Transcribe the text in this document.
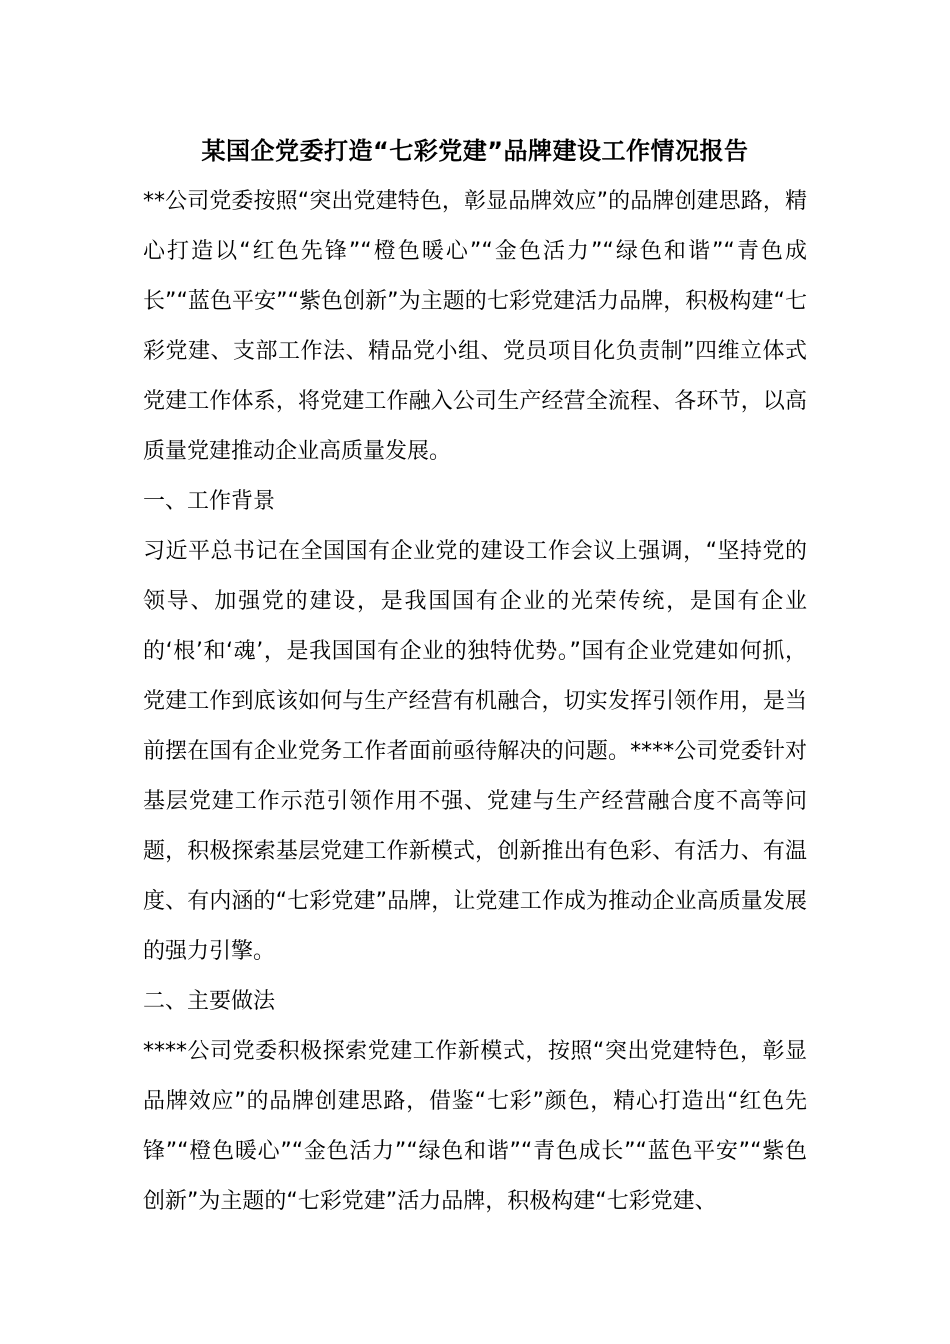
某国企党委打造“七彩党建”品牌建设工作情况报告

**公司党委按照“突出党建特色，彰显品牌效应”的品牌创建思路，精心打造以“红色先锋”“橙色暖心”“金色活力”“绿色和谐”“青色成长”“蓝色平安”“紫色创新”为主题的七彩党建活力品牌，积极构建“七彩党建、支部工作法、精品党小组、党员项目化负责制”四维立体式党建工作体系，将党建工作融入公司生产经营全流程、各环节，以高质量党建推动企业高质量发展。

一、工作背景

习近平总书记在全国国有企业党的建设工作会议上强调，“坚持党的领导、加强党的建设，是我国国有企业的光荣传统，是国有企业的‘根’和‘魂’，是我国国有企业的独特优势。”国有企业党建如何抓，党建工作到底该如何与生产经营有机融合，切实发挥引领作用，是当前摆在国有企业党务工作者面前亟待解决的问题。****公司党委针对基层党建工作示范引领作用不强、党建与生产经营融合度不高等问题，积极探索基层党建工作新模式，创新推出有色彩、有活力、有温度、有内涵的“七彩党建”品牌，让党建工作成为推动企业高质量发展的强力引擎。

二、主要做法

****公司党委积极探索党建工作新模式，按照“突出党建特色，彰显品牌效应”的品牌创建思路，借鉴“七彩”颜色，精心打造出“红色先锋”“橙色暖心”“金色活力”“绿色和谐”“青色成长”“蓝色平安”“紫色创新”为主题的“七彩党建”活力品牌，积极构建“七彩党建、
